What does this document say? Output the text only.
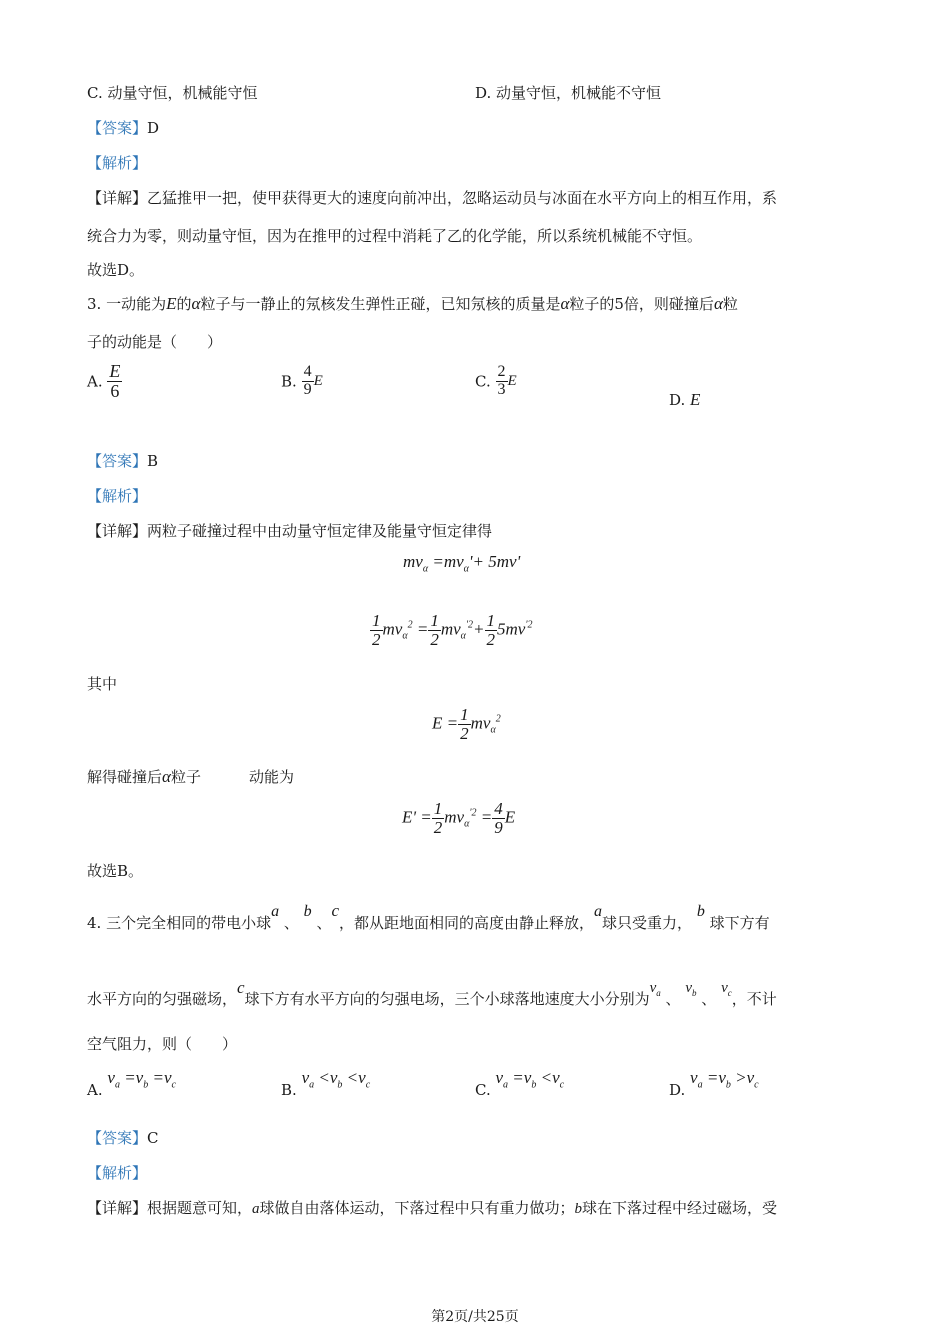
C. 动量守恒，机械能守恒	D. 动量守恒，机械能不守恒
【答案】D
【解析】
【详解】乙猛推甲一把，使甲获得更大的速度向前冲出，忽略运动员与冰面在水平方向上的相互作用，系
统合力为零，则动量守恒，因为在推甲的过程中消耗了乙的化学能，所以系统机械能不守恒。
故选D。
3. 一动能为E的α粒子与一静止的氖核发生弹性正碰，已知氖核的质量是α粒子的5倍，则碰撞后α粒
子的动能是（　　）
A. $\frac{E}{6}$	B. $\frac{4}{9}$ E	C. $\frac{2}{3}$ E
D. E
【答案】B
【解析】
【详解】两粒子碰撞过程中由动量守恒定律及能量守恒定律得
$mv_\alpha =mv_\alpha'+ 5mv'$
$\frac{1}{2} mv_\alpha^2 = \frac{1}{2} mv_\alpha^{'2}+ \frac{1}{2} 5mv^{'2}$
其中
$E = \frac{1}{2} mv_\alpha^2$
解得碰撞后α粒子	动能为
$E' = \frac{1}{2} mv_\alpha^{'2} = \frac{4}{9}$ E
故选B。
4. 三个完全相同的带电小球$^a$ 、 $^b$ 、$^c$，都从距地面相同的高度由静止释放，$^a$球只受重力， $^b$ 球下方有
水平方向的匀强磁场，$^c$球下方有水平方向的匀强电场，三个小球落地速度大小分别为$^{v_a}$ 、 $^{v_b}$ 、 $^{v_c}$，不计
空气阻力，则（　　）
A. $v_a =v_b =v_c$	B. $v_a <v_b <v_c$	C. $v_a =v_b <v_c$	D. $v_a =v_b >v_c$
【答案】C
【解析】
【详解】根据题意可知，a球做自由落体运动，下落过程中只有重力做功；b球在下落过程中经过磁场，受
第2页/共25页
